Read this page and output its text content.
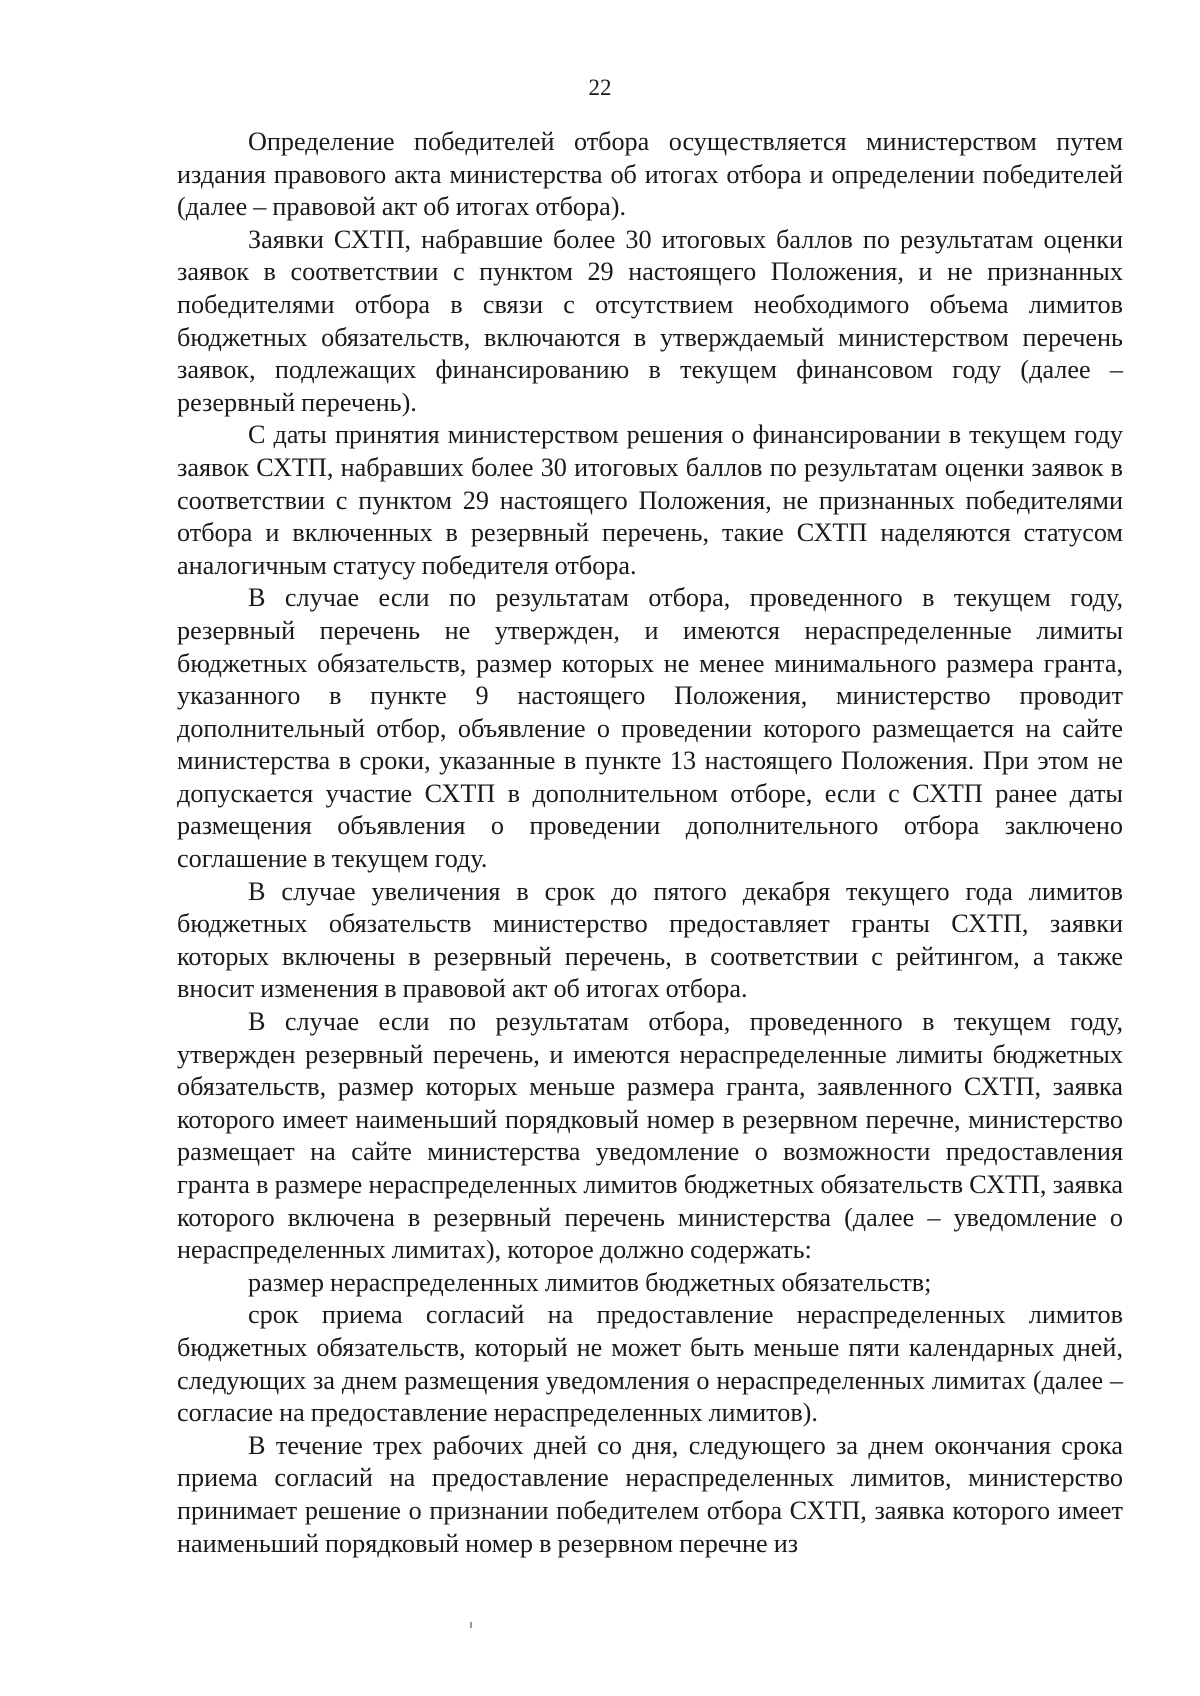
22

Определение победителей отбора осуществляется министерством путем издания правового акта министерства об итогах отбора и определении победителей (далее – правовой акт об итогах отбора).

Заявки СХТП, набравшие более 30 итоговых баллов по результатам оценки заявок в соответствии с пунктом 29 настоящего Положения, и не признанных победителями отбора в связи с отсутствием необходимого объема лимитов бюджетных обязательств, включаются в утверждаемый министерством перечень заявок, подлежащих финансированию в текущем финансовом году (далее – резервный перечень).

С даты принятия министерством решения о финансировании в текущем году заявок СХТП, набравших более 30 итоговых баллов по результатам оценки заявок в соответствии с пунктом 29 настоящего Положения, не признанных победителями отбора и включенных в резервный перечень, такие СХТП наделяются статусом аналогичным статусу победителя отбора.

В случае если по результатам отбора, проведенного в текущем году, резервный перечень не утвержден, и имеются нераспределенные лимиты бюджетных обязательств, размер которых не менее минимального размера гранта, указанного в пункте 9 настоящего Положения, министерство проводит дополнительный отбор, объявление о проведении которого размещается на сайте министерства в сроки, указанные в пункте 13 настоящего Положения. При этом не допускается участие СХТП в дополнительном отборе, если с СХТП ранее даты размещения объявления о проведении дополнительного отбора заключено соглашение в текущем году.

В случае увеличения в срок до пятого декабря текущего года лимитов бюджетных обязательств министерство предоставляет гранты СХТП, заявки которых включены в резервный перечень, в соответствии с рейтингом, а также вносит изменения в правовой акт об итогах отбора.

В случае если по результатам отбора, проведенного в текущем году, утвержден резервный перечень, и имеются нераспределенные лимиты бюджетных обязательств, размер которых меньше размера гранта, заявленного СХТП, заявка которого имеет наименьший порядковый номер в резервном перечне, министерство размещает на сайте министерства уведомление о возможности предоставления гранта в размере нераспределенных лимитов бюджетных обязательств СХТП, заявка которого включена в резервный перечень министерства (далее – уведомление о нераспределенных лимитах), которое должно содержать:

размер нераспределенных лимитов бюджетных обязательств;

срок приема согласий на предоставление нераспределенных лимитов бюджетных обязательств, который не может быть меньше пяти календарных дней, следующих за днем размещения уведомления о нераспределенных лимитах (далее – согласие на предоставление нераспределенных лимитов).

В течение трех рабочих дней со дня, следующего за днем окончания срока приема согласий на предоставление нераспределенных лимитов, министерство принимает решение о признании победителем отбора СХТП, заявка которого имеет наименьший порядковый номер в резервном перечне из
